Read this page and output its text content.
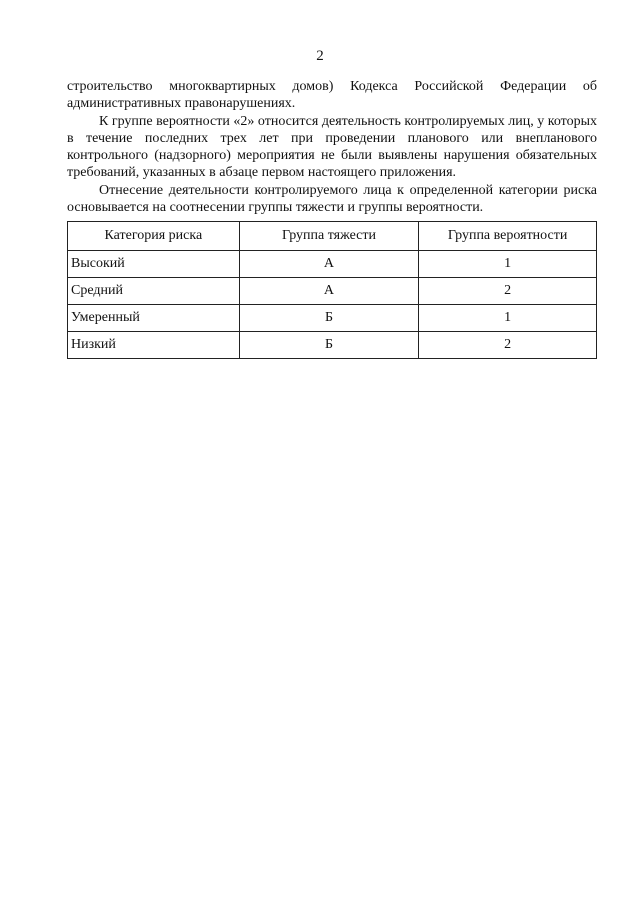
2

строительство многоквартирных домов) Кодекса Российской Федерации об административных правонарушениях.

К группе вероятности «2» относится деятельность контролируемых лиц, у которых в течение последних трех лет при проведении планового или внепланового контрольного (надзорного) мероприятия не были выявлены нарушения обязательных требований, указанных в абзаце первом настоящего приложения.

Отнесение деятельности контролируемого лица к определенной категории риска основывается на соотнесении группы тяжести и группы вероятности.

Категория риска	Группа тяжести	Группа вероятности
Высокий	А	1
Средний	А	2
Умеренный	Б	1
Низкий	Б	2
